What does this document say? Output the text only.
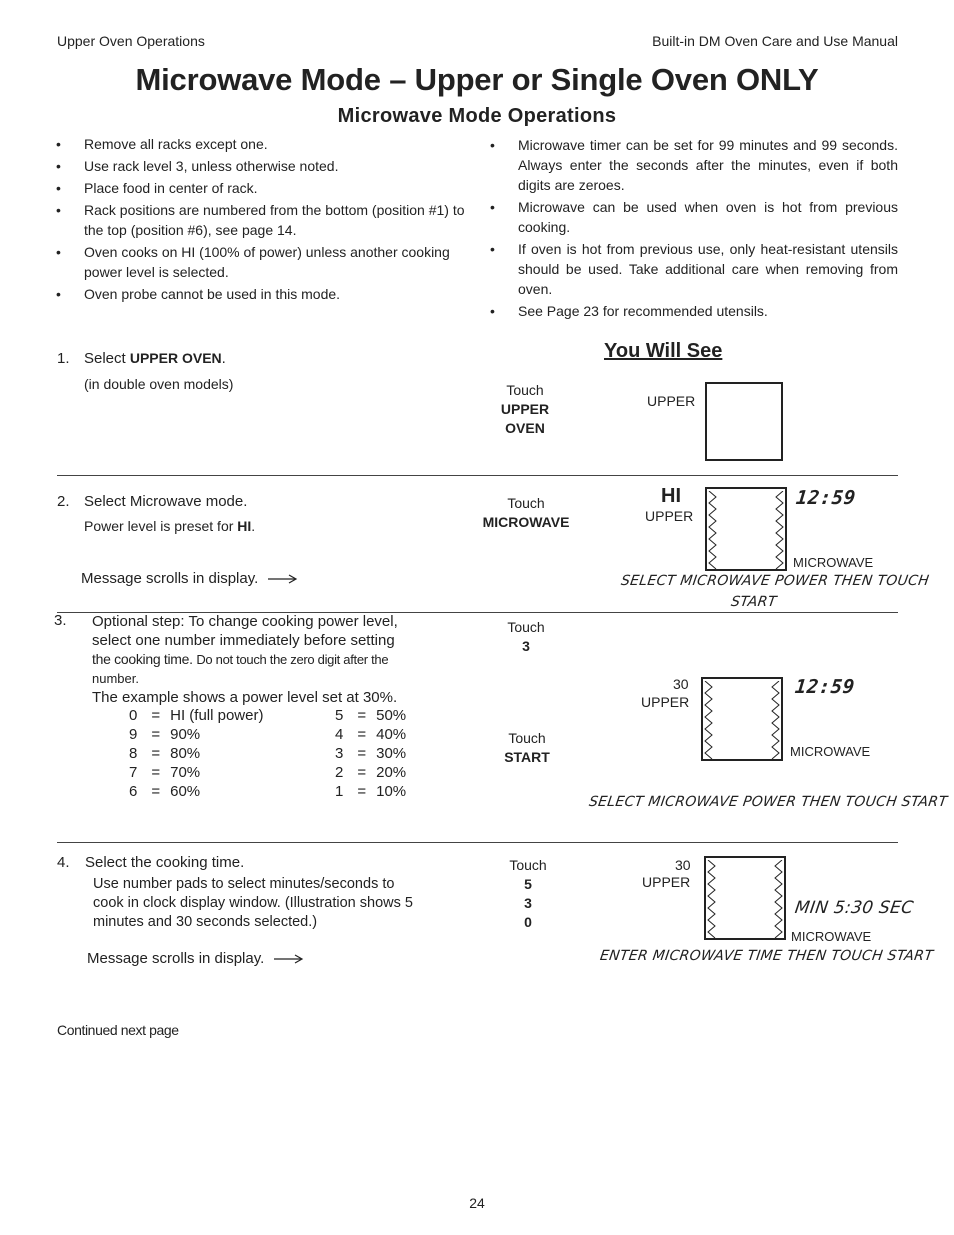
Upper Oven Operations	Built-in DM Oven Care and Use Manual
Microwave Mode – Upper or Single Oven ONLY
Microwave Mode Operations
• Remove all racks except one.
• Use rack level 3, unless otherwise noted.
• Place food in center of rack.
• Rack positions are numbered from the bottom (position #1) to the top (position #6), see page 14.
• Oven cooks on HI (100% of power) unless another cooking power level is selected.
• Oven probe cannot be used in this mode.
• Microwave timer can be set for 99 minutes and 99 seconds. Always enter the seconds after the minutes, even if both digits are zeroes.
• Microwave can be used when oven is hot from previous cooking.
• If oven is hot from previous use, only heat-resistant utensils should be used. Take additional care when removing from oven.
• See Page 23 for recommended utensils.
You Will See
1. Select UPPER OVEN.
(in double oven models)	Touch
UPPER
OVEN
UPPER
2. Select Microwave mode.
Power level is preset for HI.
Message scrolls in display.
Touch
MICROWAVE
HI
UPPER
12:59
MICROWAVE
SELECT MICROWAVE POWER THEN TOUCH
START
3. Optional step: To change cooking power level,
select one number immediately before setting
the cooking time. Do not touch the zero digit after the
number.
The example shows a power level set at 30%.
0 = HI (full power)
9 = 90%
8 = 80%
7 = 70%
6 = 60%
5 = 50%
4 = 40%
3 = 30%
2 = 20%
1 = 10%
Touch
3
Touch
START
30
UPPER
12:59
MICROWAVE
SELECT MICROWAVE POWER THEN TOUCH START
4. Select the cooking time.
Use number pads to select minutes/seconds to
cook in clock display window. (Illustration shows 5
minutes and 30 seconds selected.)
Message scrolls in display.
Touch
5
3
0
30
UPPER
MIN 5:30 SEC
MICROWAVE
ENTER MICROWAVE TIME THEN TOUCH START
Continued next page
24
